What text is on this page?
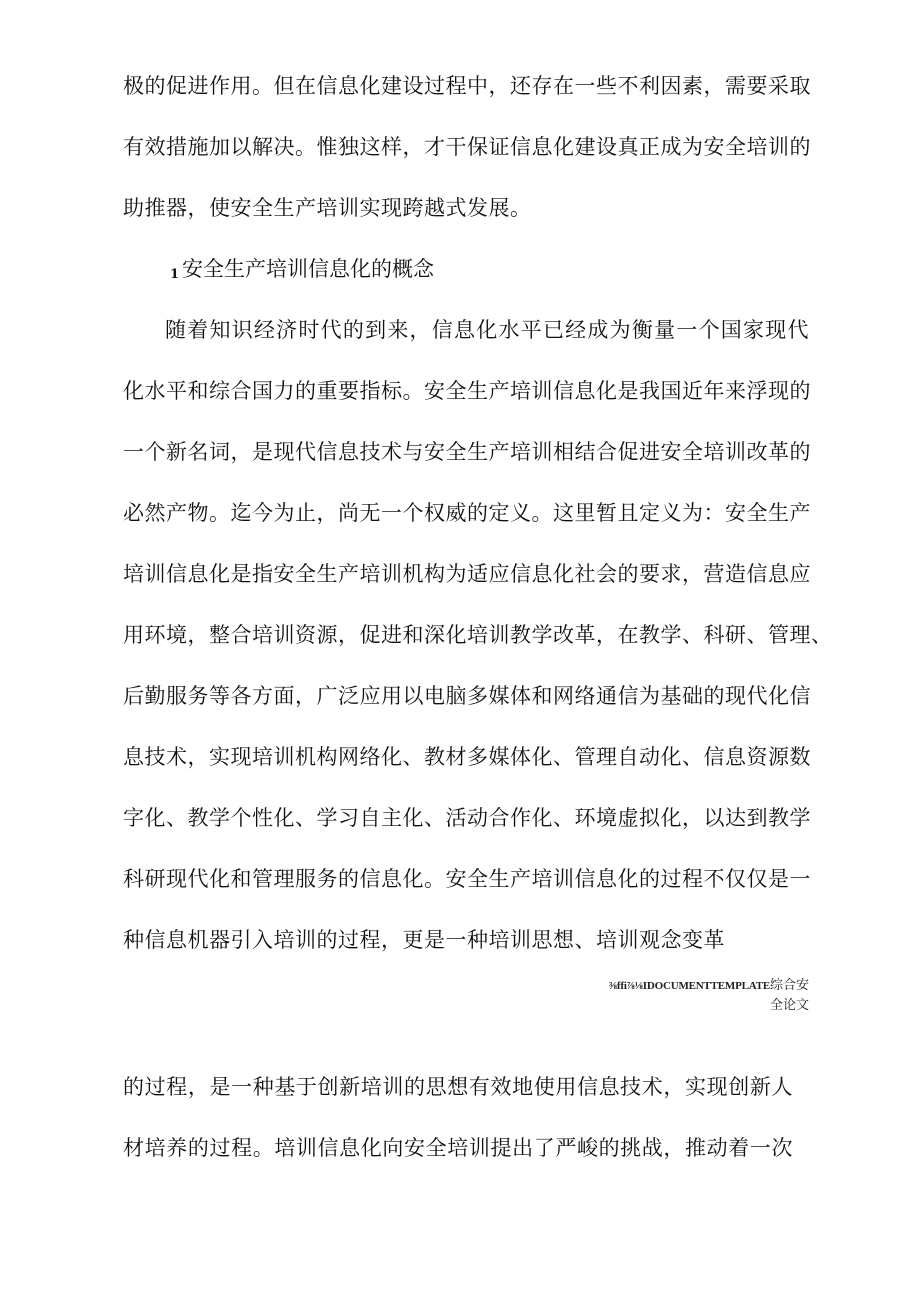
极的促进作用。但在信息化建设过程中，还存在一些不利因素，需要采取
有效措施加以解决。惟独这样，才干保证信息化建设真正成为安全培训的
助推器，使安全生产培训实现跨越式发展。
1 安全生产培训信息化的概念
随着知识经济时代的到来，信息化水平已经成为衡量一个国家现代
化水平和综合国力的重要指标。安全生产培训信息化是我国近年来浮现的
一个新名词，是现代信息技术与安全生产培训相结合促进安全培训改革的
必然产物。迄今为止，尚无一个权威的定义。这里暂且定义为：安全生产
培训信息化是指安全生产培训机构为适应信息化社会的要求，营造信息应
用环境，整合培训资源，促进和深化培训教学改革，在教学、科研、管理、
后勤服务等各方面，广泛应用以电脑多媒体和网络通信为基础的现代化信
息技术，实现培训机构网络化、教材多媒体化、管理自动化、信息资源数
字化、教学个性化、学习自主化、活动合作化、环境虚拟化，以达到教学
科研现代化和管理服务的信息化。安全生产培训信息化的过程不仅仅是一
种信息机器引入培训的过程，更是一种培训思想、培训观念变革
⅜ffi⅞⅛IDOCUMENTTEMPLATE综合安
全论文
的过程，是一种基于创新培训的思想有效地使用信息技术，实现创新人
材培养的过程。培训信息化向安全培训提出了严峻的挑战，推动着一次
